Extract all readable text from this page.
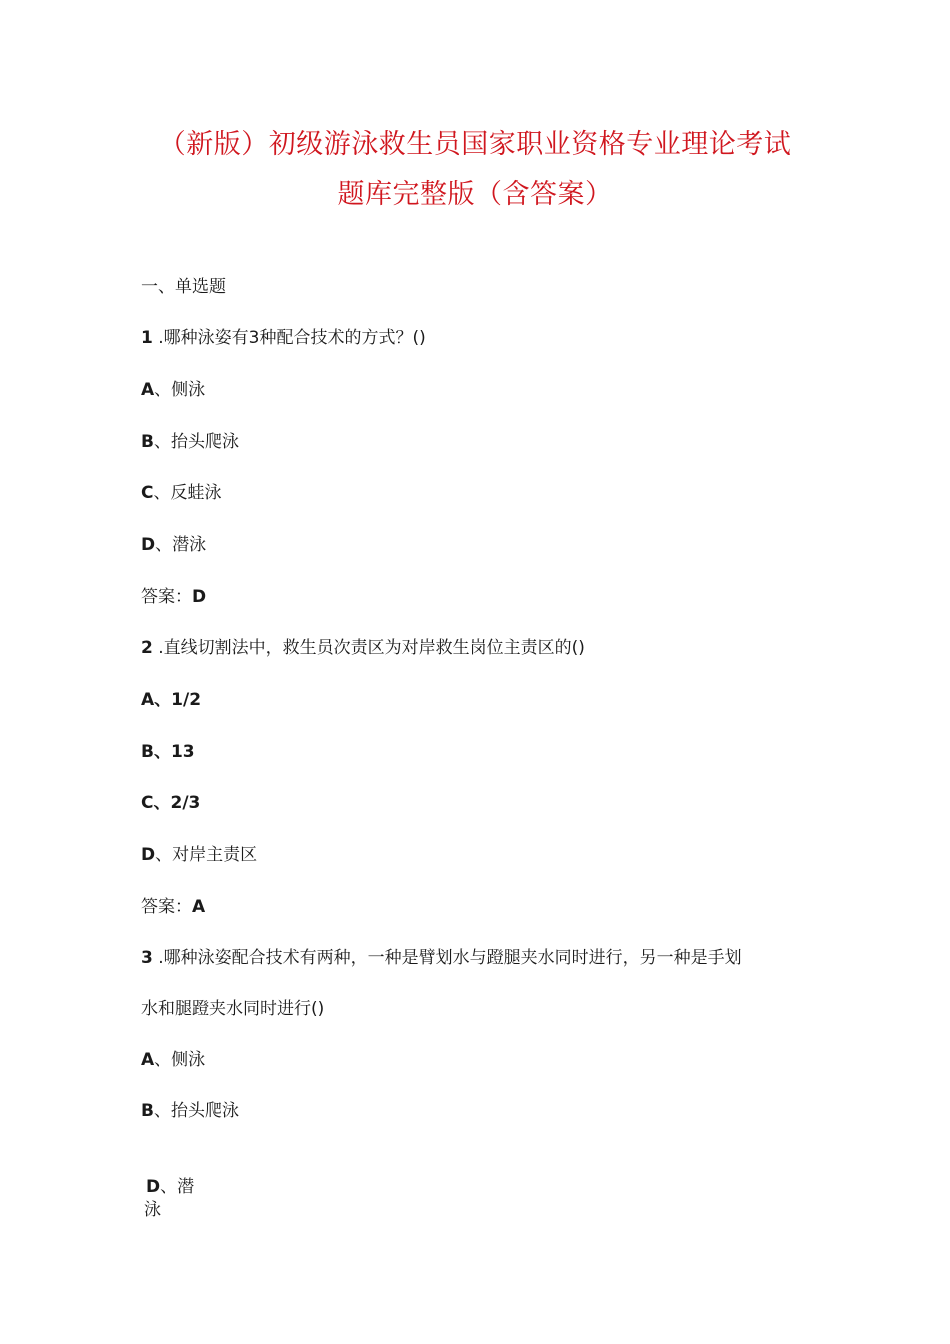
（新版）初级游泳救生员国家职业资格专业理论考试
题库完整版（含答案）
一、单选题
1 .哪种泳姿有3种配合技术的方式？()
A、侧泳
B、抬头爬泳
C、反蛙泳
D、潜泳
答案：D
2 .直线切割法中，救生员次责区为对岸救生岗位主责区的()
A、1/2
B、13
C、2/3
D、对岸主责区
答案：A
3 .哪种泳姿配合技术有两种，一种是臂划水与蹬腿夹水同时进行，另一种是手划
水和腿蹬夹水同时进行()
A、侧泳
B、抬头爬泳
D、潜
泳
